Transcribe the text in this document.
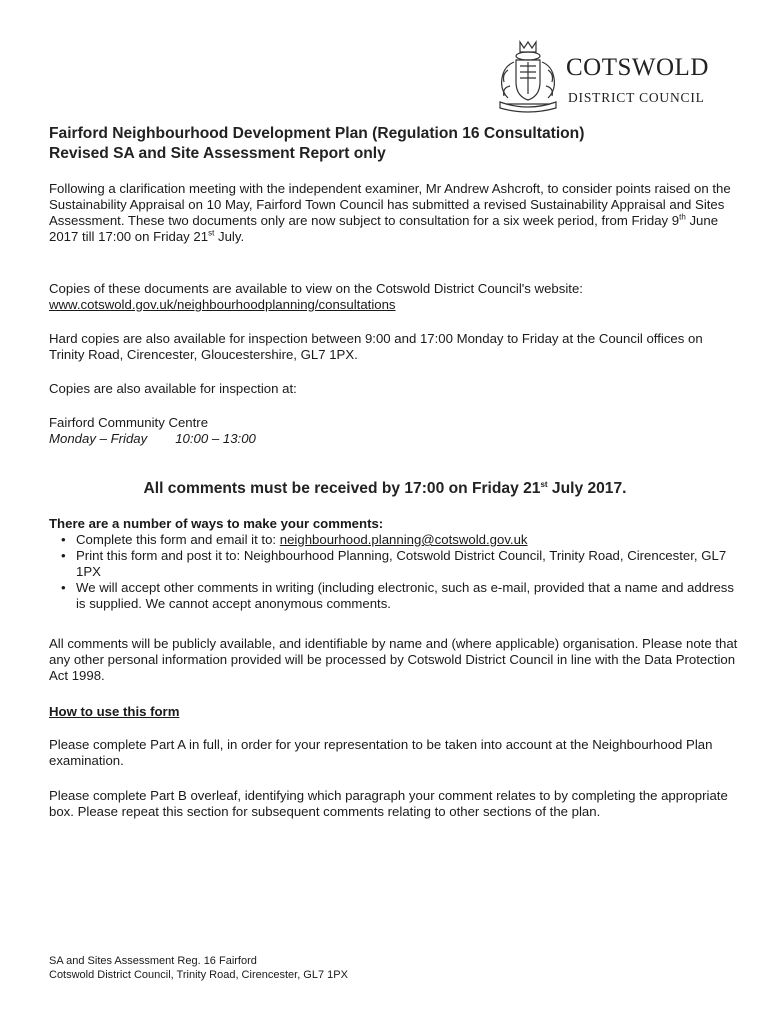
COTSWOLD
DISTRICT COUNCIL
Fairford Neighbourhood Development Plan (Regulation 16 Consultation)
Revised SA and Site Assessment Report only

Following a clarification meeting with the independent examiner, Mr Andrew Ashcroft, to consider points raised on the Sustainability Appraisal on 10 May, Fairford Town Council has submitted a revised Sustainability Appraisal and Sites Assessment. These two documents only are now subject to consultation for a six week period, from Friday 9th June 2017 till 17:00 on Friday 21st July.

Copies of these documents are available to view on the Cotswold District Council's website:
www.cotswold.gov.uk/neighbourhoodplanning/consultations

Hard copies are also available for inspection between 9:00 and 17:00 Monday to Friday at the Council offices on Trinity Road, Cirencester, Gloucestershire, GL7 1PX.

Copies are also available for inspection at:

Fairford Community Centre
Monday – Friday 10:00 – 13:00
All comments must be received by 17:00 on Friday 21st July 2017.
There are a number of ways to make your comments:
• Complete this form and email it to: neighbourhood.planning@cotswold.gov.uk
• Print this form and post it to: Neighbourhood Planning, Cotswold District Council, Trinity Road, Cirencester, GL7 1PX
• We will accept other comments in writing (including electronic, such as e-mail, provided that a name and address is supplied. We cannot accept anonymous comments.

All comments will be publicly available, and identifiable by name and (where applicable) organisation. Please note that any other personal information provided will be processed by Cotswold District Council in line with the Data Protection Act 1998.

How to use this form

Please complete Part A in full, in order for your representation to be taken into account at the Neighbourhood Plan examination.

Please complete Part B overleaf, identifying which paragraph your comment relates to by completing the appropriate box. Please repeat this section for subsequent comments relating to other sections of the plan.

SA and Sites Assessment Reg. 16 Fairford
Cotswold District Council, Trinity Road, Cirencester, GL7 1PX
